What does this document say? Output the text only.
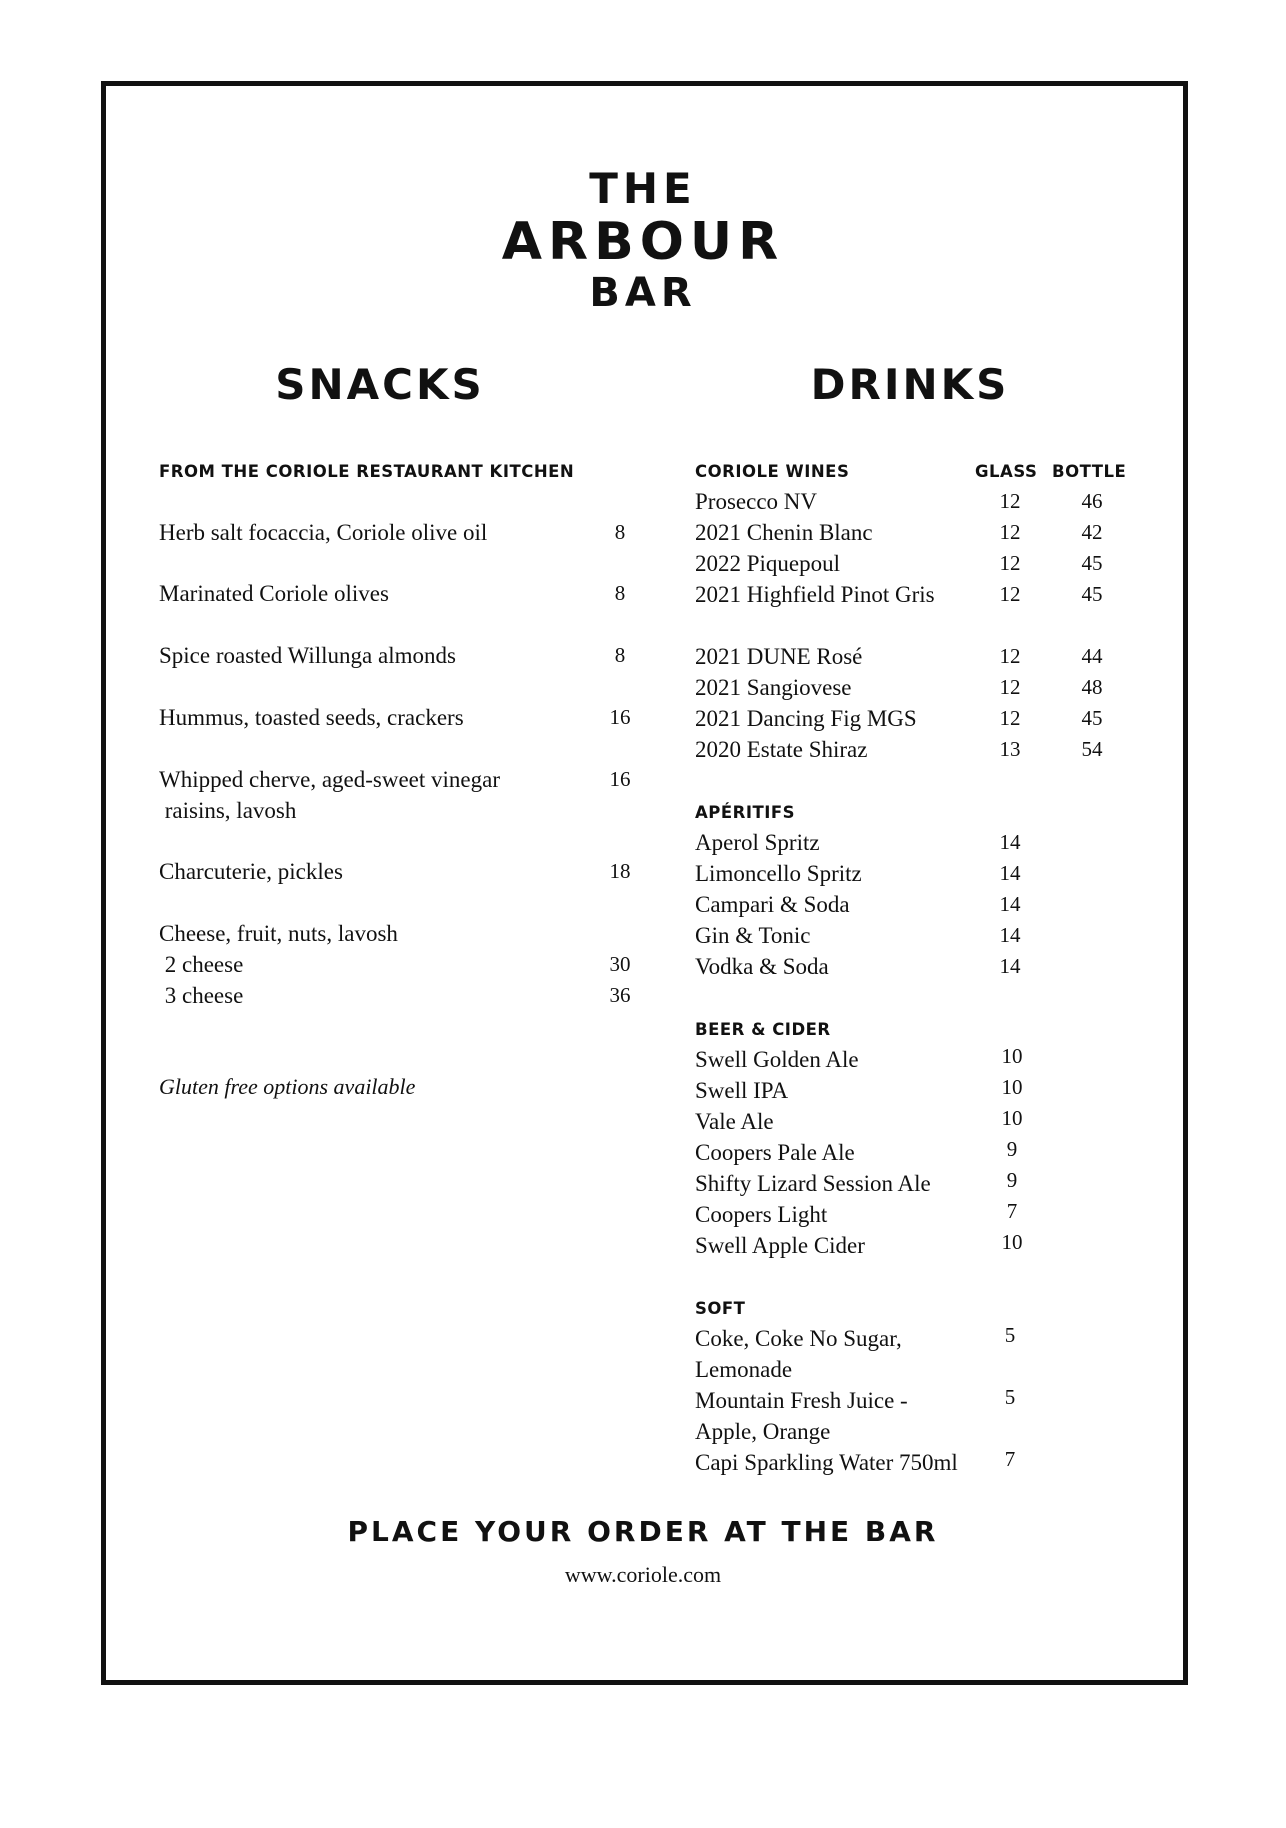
THE
ARBOUR
BAR
SNACKS	DRINKS
FROM THE CORIOLE RESTAURANT KITCHEN
Herb salt focaccia, Coriole olive oil	8
Marinated Coriole olives	8
Spice roasted Willunga almonds	8
Hummus, toasted seeds, crackers	16
Whipped cherve, aged-sweet vinegar
raisins, lavosh
16
Charcuterie, pickles	18
Cheese, fruit, nuts, lavosh
2 cheese	30
3 cheese	36
Gluten free options available
CORIOLE WINES	GLASS BOTTLE
Prosecco NV	12	46
2021 Chenin Blanc	12	42
2022 Piquepoul	12	45
2021 Highfield Pinot Gris	12	45
2021 DUNE Rosé	12	44
2021 Sangiovese	12	48
2021 Dancing Fig MGS	12	45
2020 Estate Shiraz	13	54
APÉRITIFS
Aperol Spritz	14
Limoncello Spritz	14
Campari & Soda	14
Gin & Tonic	14
Vodka & Soda	14
BEER & CIDER
Swell Golden Ale	10
Swell IPA	10
Vale Ale	10
Coopers Pale Ale	9
Shifty Lizard Session Ale	9
Coopers Light	7
Swell Apple Cider	10
SOFT
Coke, Coke No Sugar,
Lemonade
5
Mountain Fresh Juice -
Apple, Orange
5
Capi Sparkling Water 750ml	7
PLACE YOUR ORDER AT THE BAR
www.coriole.com
